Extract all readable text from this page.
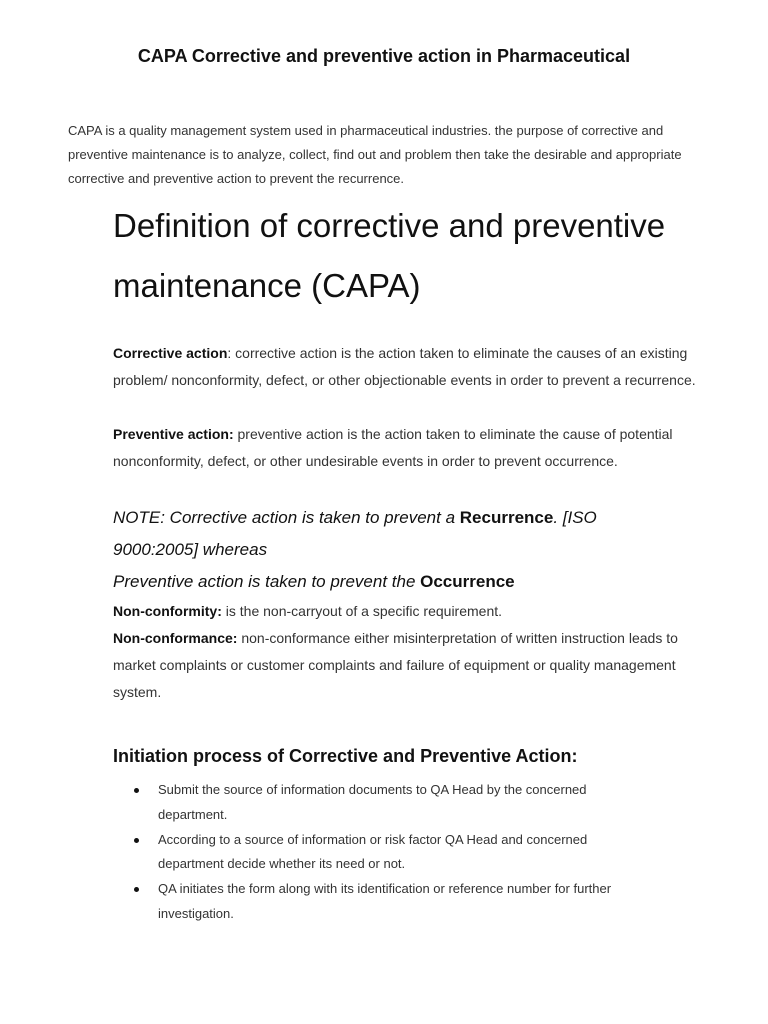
CAPA Corrective and preventive action in Pharmaceutical
CAPA is a quality management system used in pharmaceutical industries. the purpose of corrective and preventive maintenance is to analyze, collect, find out and problem then take the desirable and appropriate corrective and preventive action to prevent the recurrence.
Definition of corrective and preventive maintenance (CAPA)
Corrective action: corrective action is the action taken to eliminate the causes of an existing problem/ nonconformity, defect, or other objectionable events in order to prevent a recurrence.
Preventive action: preventive action is the action taken to eliminate the cause of potential nonconformity, defect, or other undesirable events in order to prevent occurrence.
NOTE: Corrective action is taken to prevent a Recurrence. [ISO 9000:2005] whereas
Preventive action is taken to prevent the Occurrence
Non-conformity: is the non-carryout of a specific requirement.
Non-conformance: non-conformance either misinterpretation of written instruction leads to market complaints or customer complaints and failure of equipment or quality management system.
Initiation process of Corrective and Preventive Action:
Submit the source of information documents to QA Head by the concerned department.
According to a source of information or risk factor QA Head and concerned department decide whether its need or not.
QA initiates the form along with its identification or reference number for further investigation.
